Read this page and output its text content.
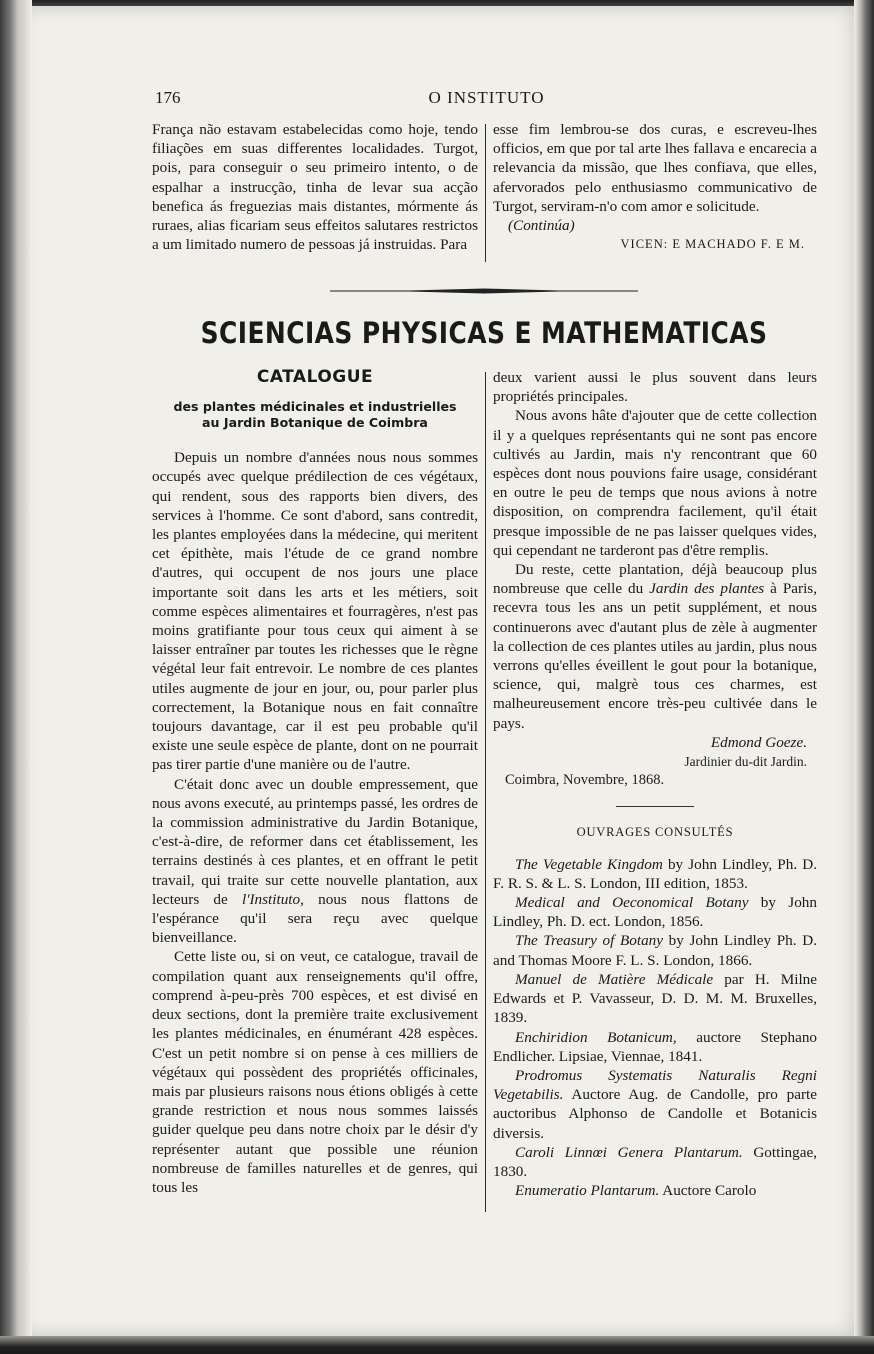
176	O INSTITUTO

França não estavam estabelecidas como hoje, tendo filiações em suas differentes localidades. Turgot, pois, para conseguir o seu primeiro intento, o de espalhar a instrucção, tinha de levar sua acção benefica ás freguezias mais distantes, mórmente ás ruraes, alias ficariam seus effeitos salutares restrictos a um limitado numero de pessoas já instruidas. Para

esse fim lembrou-se dos curas, e escreveu-lhes officios, em que por tal arte lhes fallava e encarecia a relevancia da missão, que lhes confiava, que elles, afervorados pelo enthusiasmo communicativo de Turgot, serviram-n'o com amor e solicitude.

(Continúa)

VICEN: E MACHADO F. E M.

SCIENCIAS PHYSICAS E MATHEMATICAS
CATALOGUE
des plantes médicinales et industrielles
au Jardin Botanique de Coimbra

Depuis un nombre d'années nous nous sommes occupés avec quelque prédilection de ces végétaux, qui rendent, sous des rapports bien divers, des services à l'homme. Ce sont d'abord, sans contredit, les plantes employées dans la médecine, qui meritent cet épithète, mais l'étude de ce grand nombre d'autres, qui occupent de nos jours une place importante soit dans les arts et les métiers, soit comme espèces alimentaires et fourragères, n'est pas moins gratifiante pour tous ceux qui aiment à se laisser entraîner par toutes les richesses que le règne végétal leur fait entrevoir. Le nombre de ces plantes utiles augmente de jour en jour, ou, pour parler plus correctement, la Botanique nous en fait connaître toujours davantage, car il est peu probable qu'il existe une seule espèce de plante, dont on ne pourrait pas tirer partie d'une manière ou de l'autre.

C'était donc avec un double empressement, que nous avons executé, au printemps passé, les ordres de la commission administrative du Jardin Botanique, c'est-à-dire, de reformer dans cet établissement, les terrains destinés à ces plantes, et en offrant le petit travail, qui traite sur cette nouvelle plantation, aux lecteurs de l'Instituto, nous nous flattons de l'espérance qu'il sera reçu avec quelque bienveillance.

Cette liste ou, si on veut, ce catalogue, travail de compilation quant aux renseignements qu'il offre, comprend à-peu-près 700 espèces, et est divisé en deux sections, dont la première traite exclusivement les plantes médicinales, en énumérant 428 espèces. C'est un petit nombre si on pense à ces milliers de végétaux qui possèdent des propriétés officinales, mais par plusieurs raisons nous étions obligés à cette grande restriction et nous nous sommes laissés guider quelque peu dans notre choix par le désir d'y représenter autant que possible une réunion nombreuse de familles naturelles et de genres, qui tous les

deux varient aussi le plus souvent dans leurs propriétés principales.

Nous avons hâte d'ajouter que de cette collection il y a quelques représentants qui ne sont pas encore cultivés au Jardin, mais n'y rencontrant que 60 espèces dont nous pouvions faire usage, considérant en outre le peu de temps que nous avions à notre disposition, on comprendra facilement, qu'il était presque impossible de ne pas laisser quelques vides, qui cependant ne tarderont pas d'être remplis.

Du reste, cette plantation, déjà beaucoup plus nombreuse que celle du Jardin des plantes à Paris, recevra tous les ans un petit supplément, et nous continuerons avec d'autant plus de zèle à augmenter la collection de ces plantes utiles au jardin, plus nous verrons qu'elles éveillent le gout pour la botanique, science, qui, malgrè tous ces charmes, est malheureusement encore très-peu cultivée dans le pays.

Edmond Goeze.

Jardinier du-dit Jardin.

Coimbra, Novembre, 1868.

OUVRAGES CONSULTÉS

The Vegetable Kingdom by John Lindley, Ph. D. F. R. S. & L. S. London, III edition, 1853.

Medical and Oeconomical Botany by John Lindley, Ph. D. ect. London, 1856.

The Treasury of Botany by John Lindley Ph. D. and Thomas Moore F. L. S. London, 1866.

Manuel de Matière Médicale par H. Milne Edwards et P. Vavasseur, D. D. M. M. Bruxelles, 1839.

Enchiridion Botanicum, auctore Stephano Endlicher. Lipsiae, Viennae, 1841.

Prodromus Systematis Naturalis Regni Vegetabilis. Auctore Aug. de Candolle, pro parte auctoribus Alphonso de Candolle et Botanicis diversis.

Caroli Linnœi Genera Plantarum. Gottingae, 1830.

Enumeratio Plantarum. Auctore Carolo
